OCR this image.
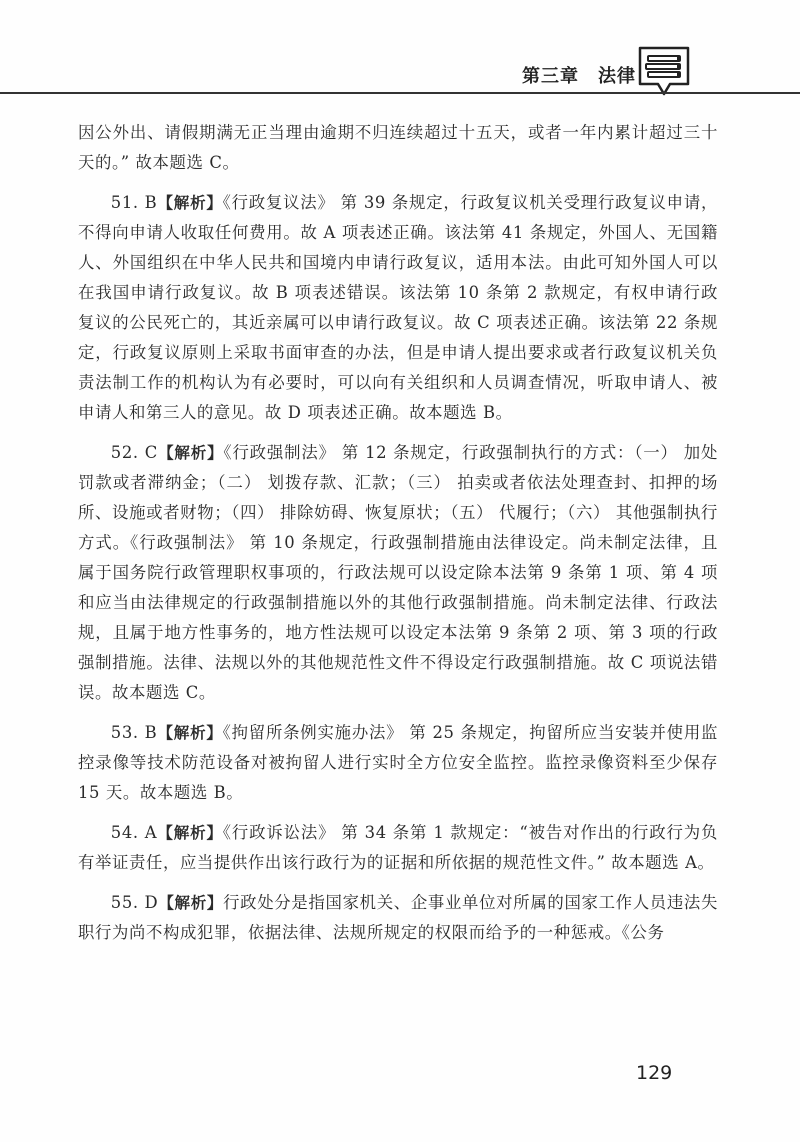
第三章　法律

因公外出、请假期满无正当理由逾期不归连续超过十五天，或者一年内累计超过三十天的。” 故本题选 C。

51. B【解析】《行政复议法》 第 39 条规定，行政复议机关受理行政复议申请，不得向申请人收取任何费用。故 A 项表述正确。该法第 41 条规定，外国人、无国籍人、外国组织在中华人民共和国境内申请行政复议，适用本法。由此可知外国人可以在我国申请行政复议。故 B 项表述错误。该法第 10 条第 2 款规定，有权申请行政复议的公民死亡的，其近亲属可以申请行政复议。故 C 项表述正确。该法第 22 条规定，行政复议原则上采取书面审查的办法，但是申请人提出要求或者行政复议机关负责法制工作的机构认为有必要时，可以向有关组织和人员调查情况，听取申请人、被申请人和第三人的意见。故 D 项表述正确。故本题选 B。

52. C【解析】《行政强制法》 第 12 条规定，行政强制执行的方式：（一） 加处罚款或者滞纳金；（二） 划拨存款、汇款；（三） 拍卖或者依法处理查封、扣押的场所、设施或者财物；（四） 排除妨碍、恢复原状；（五） 代履行；（六） 其他强制执行方式。《行政强制法》 第 10 条规定，行政强制措施由法律设定。尚未制定法律，且属于国务院行政管理职权事项的，行政法规可以设定除本法第 9 条第 1 项、第 4 项和应当由法律规定的行政强制措施以外的其他行政强制措施。尚未制定法律、行政法规，且属于地方性事务的，地方性法规可以设定本法第 9 条第 2 项、第 3 项的行政强制措施。法律、法规以外的其他规范性文件不得设定行政强制措施。故 C 项说法错误。故本题选 C。

53. B【解析】《拘留所条例实施办法》 第 25 条规定，拘留所应当安装并使用监控录像等技术防范设备对被拘留人进行实时全方位安全监控。监控录像资料至少保存 15 天。故本题选 B。

54. A【解析】《行政诉讼法》 第 34 条第 1 款规定：“被告对作出的行政行为负有举证责任，应当提供作出该行政行为的证据和所依据的规范性文件。” 故本题选 A。

55. D【解析】行政处分是指国家机关、企事业单位对所属的国家工作人员违法失职行为尚不构成犯罪，依据法律、法规所规定的权限而给予的一种惩戒。《公务

129
